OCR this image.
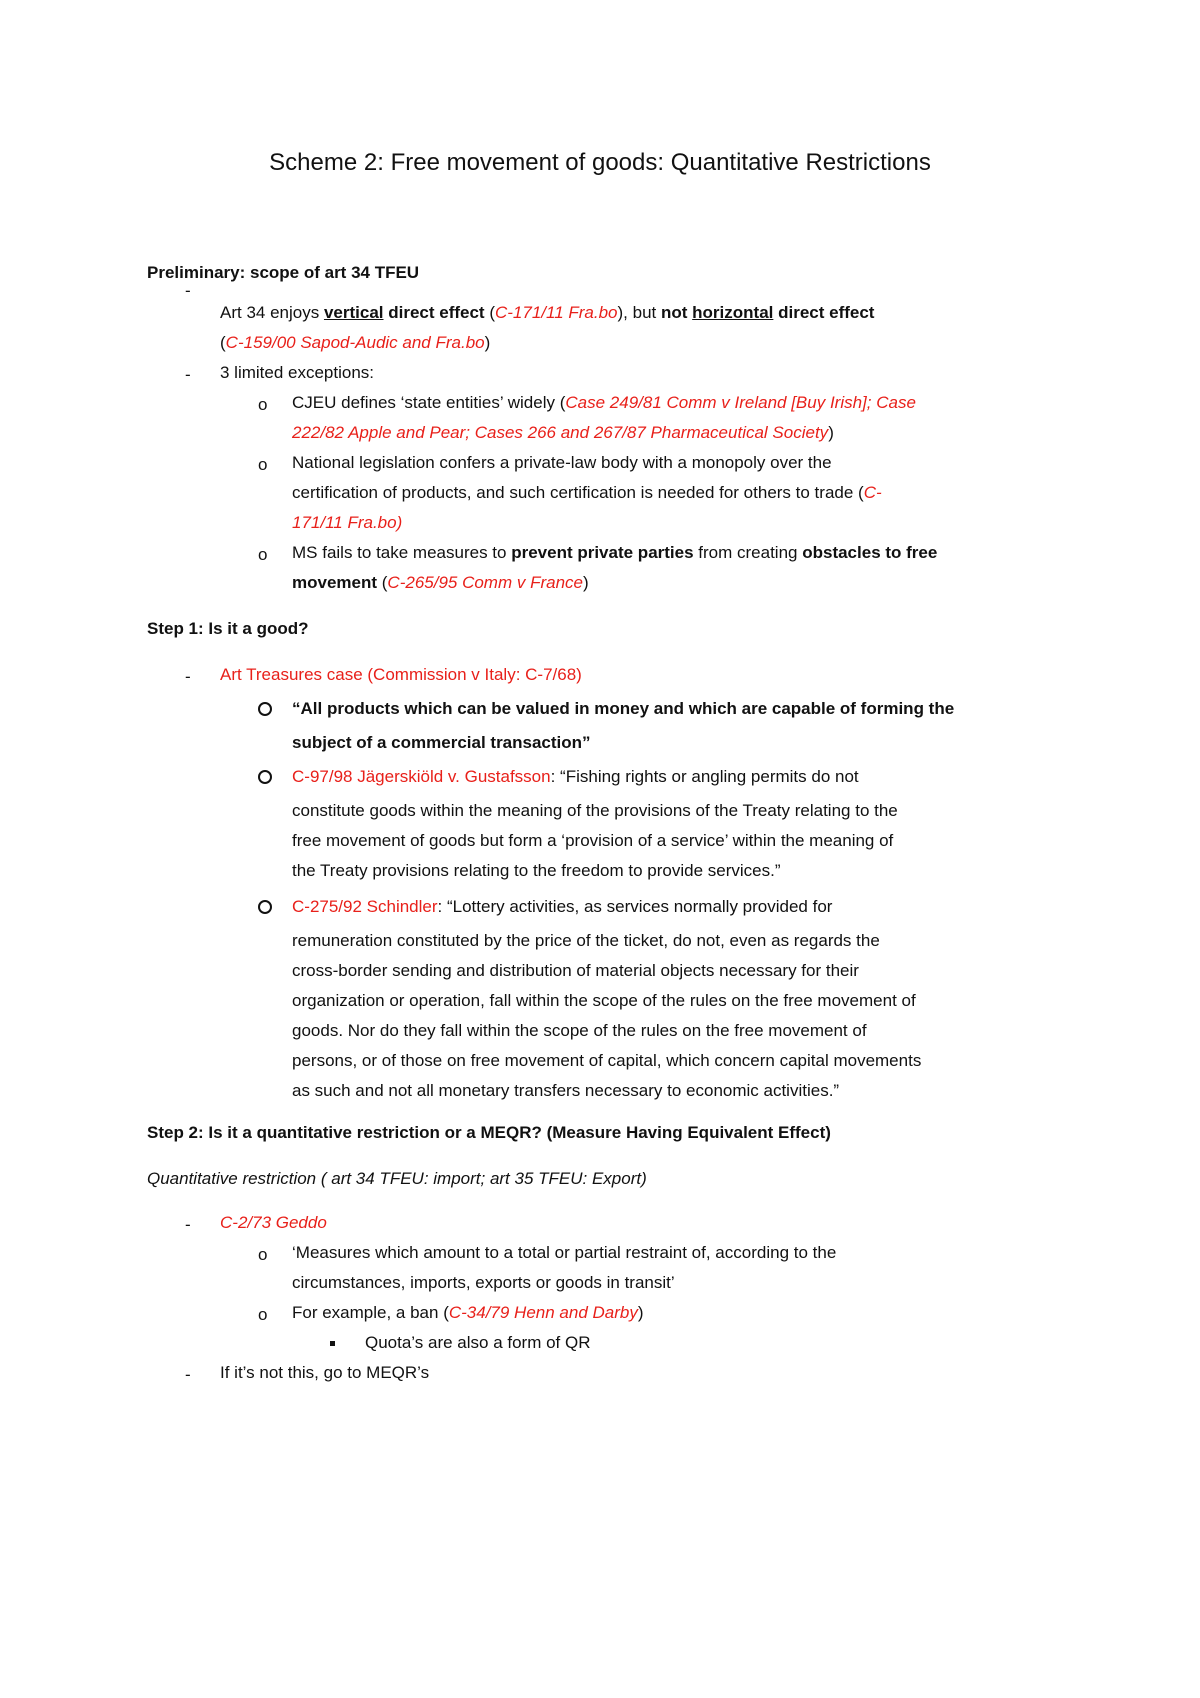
Scheme 2: Free movement of goods: Quantitative Restrictions
Preliminary: scope of art 34 TFEU
-
Art 34 enjoys vertical direct effect (C-171/11 Fra.bo), but not horizontal direct effect
(C-159/00 Sapod-Audic and Fra.bo)
- 3 limited exceptions:
o CJEU defines ‘state entities’ widely (Case 249/81 Comm v Ireland [Buy Irish]; Case
222/82 Apple and Pear; Cases 266 and 267/87 Pharmaceutical Society)
o National legislation confers a private-law body with a monopoly over the
certification of products, and such certification is needed for others to trade (C-
171/11 Fra.bo)
o MS fails to take measures to prevent private parties from creating obstacles to free
movement (C-265/95 Comm v France)
Step 1: Is it a good?
- Art Treasures case (Commission v Italy: C-7/68)
“All products which can be valued in money and which are capable of forming the
subject of a commercial transaction”
C-97/98 Jägerskiöld v. Gustafsson: “Fishing rights or angling permits do not
constitute goods within the meaning of the provisions of the Treaty relating to the
free movement of goods but form a ‘provision of a service’ within the meaning of
the Treaty provisions relating to the freedom to provide services.”
C-275/92 Schindler: “Lottery activities, as services normally provided for
remuneration constituted by the price of the ticket, do not, even as regards the
cross-border sending and distribution of material objects necessary for their
organization or operation, fall within the scope of the rules on the free movement of
goods. Nor do they fall within the scope of the rules on the free movement of
persons, or of those on free movement of capital, which concern capital movements
as such and not all monetary transfers necessary to economic activities.”
Step 2: Is it a quantitative restriction or a MEQR? (Measure Having Equivalent Effect)
Quantitative restriction ( art 34 TFEU: import; art 35 TFEU: Export)
- C-2/73 Geddo
o ‘Measures which amount to a total or partial restraint of, according to the
circumstances, imports, exports or goods in transit’
o For example, a ban (C-34/79 Henn and Darby)
Quota’s are also a form of QR
- If it’s not this, go to MEQR’s
